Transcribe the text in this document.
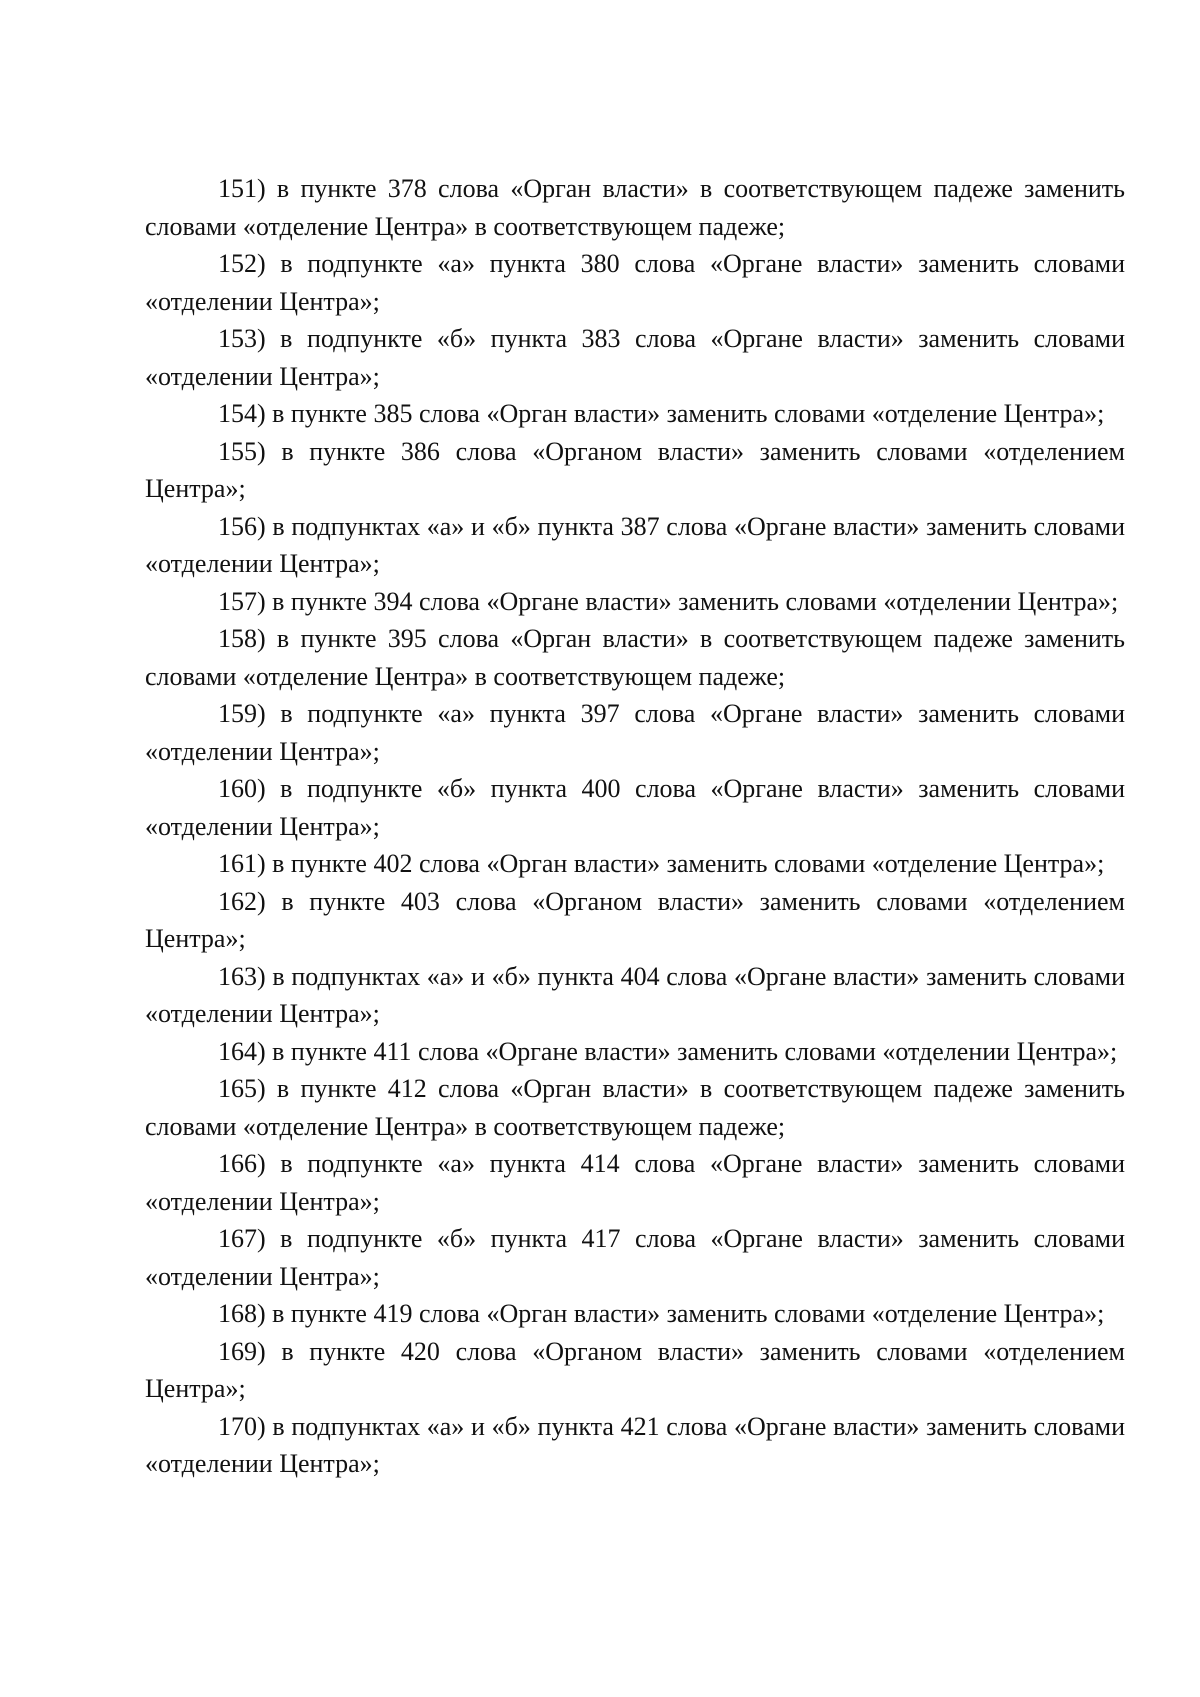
151) в пункте 378 слова «Орган власти» в соответствующем падеже заменить словами «отделение Центра» в соответствующем падеже;

152) в подпункте «а» пункта 380 слова «Органе власти» заменить словами «отделении Центра»;

153) в подпункте «б» пункта 383 слова «Органе власти» заменить словами «отделении Центра»;

154) в пункте 385 слова «Орган власти» заменить словами «отделение Центра»;

155) в пункте 386 слова «Органом власти» заменить словами «отделением Центра»;

156) в подпунктах «а» и «б» пункта 387 слова «Органе власти» заменить словами «отделении Центра»;

157) в пункте 394 слова «Органе власти» заменить словами «отделении Центра»;

158) в пункте 395 слова «Орган власти» в соответствующем падеже заменить словами «отделение Центра» в соответствующем падеже;

159) в подпункте «а» пункта 397 слова «Органе власти» заменить словами «отделении Центра»;

160) в подпункте «б» пункта 400 слова «Органе власти» заменить словами «отделении Центра»;

161) в пункте 402 слова «Орган власти» заменить словами «отделение Центра»;

162) в пункте 403 слова «Органом власти» заменить словами «отделением Центра»;

163) в подпунктах «а» и «б» пункта 404 слова «Органе власти» заменить словами «отделении Центра»;

164) в пункте 411 слова «Органе власти» заменить словами «отделении Центра»;

165) в пункте 412 слова «Орган власти» в соответствующем падеже заменить словами «отделение Центра» в соответствующем падеже;

166) в подпункте «а» пункта 414 слова «Органе власти» заменить словами «отделении Центра»;

167) в подпункте «б» пункта 417 слова «Органе власти» заменить словами «отделении Центра»;

168) в пункте 419 слова «Орган власти» заменить словами «отделение Центра»;

169) в пункте 420 слова «Органом власти» заменить словами «отделением Центра»;

170) в подпунктах «а» и «б» пункта 421 слова «Органе власти» заменить словами «отделении Центра»;
